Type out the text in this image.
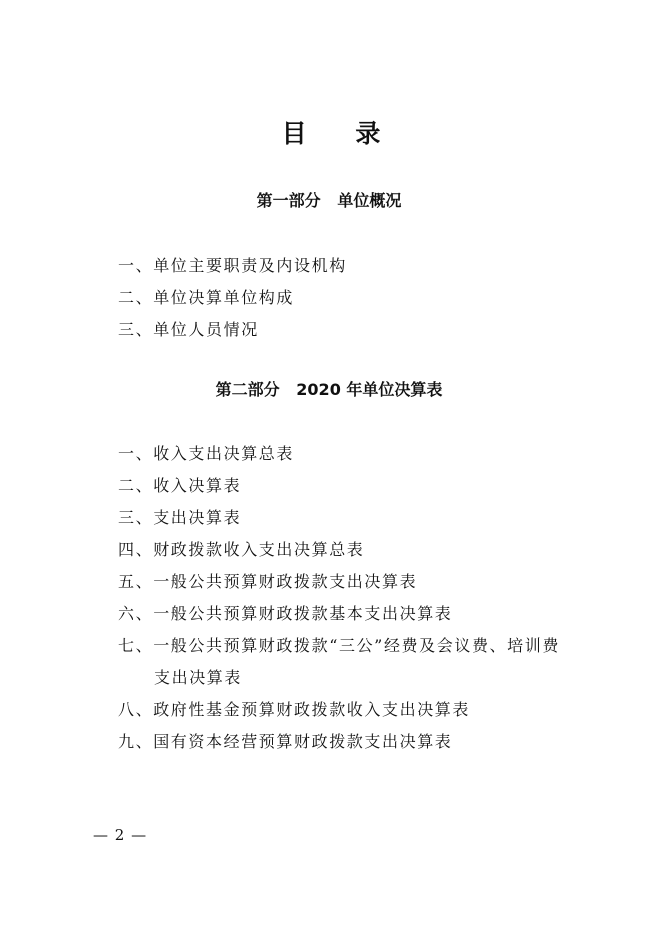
目 录
第一部分   单位概况
一、单位主要职责及内设机构
二、单位决算单位构成
三、单位人员情况
第二部分   2020 年单位决算表
一、收入支出决算总表
二、收入决算表
三、支出决算表
四、财政拨款收入支出决算总表
五、一般公共预算财政拨款支出决算表
六、一般公共预算财政拨款基本支出决算表
七、一般公共预算财政拨款“三公”经费及会议费、培训费
支出决算表
八、政府性基金预算财政拨款收入支出决算表
九、国有资本经营预算财政拨款支出决算表
— 2 —
